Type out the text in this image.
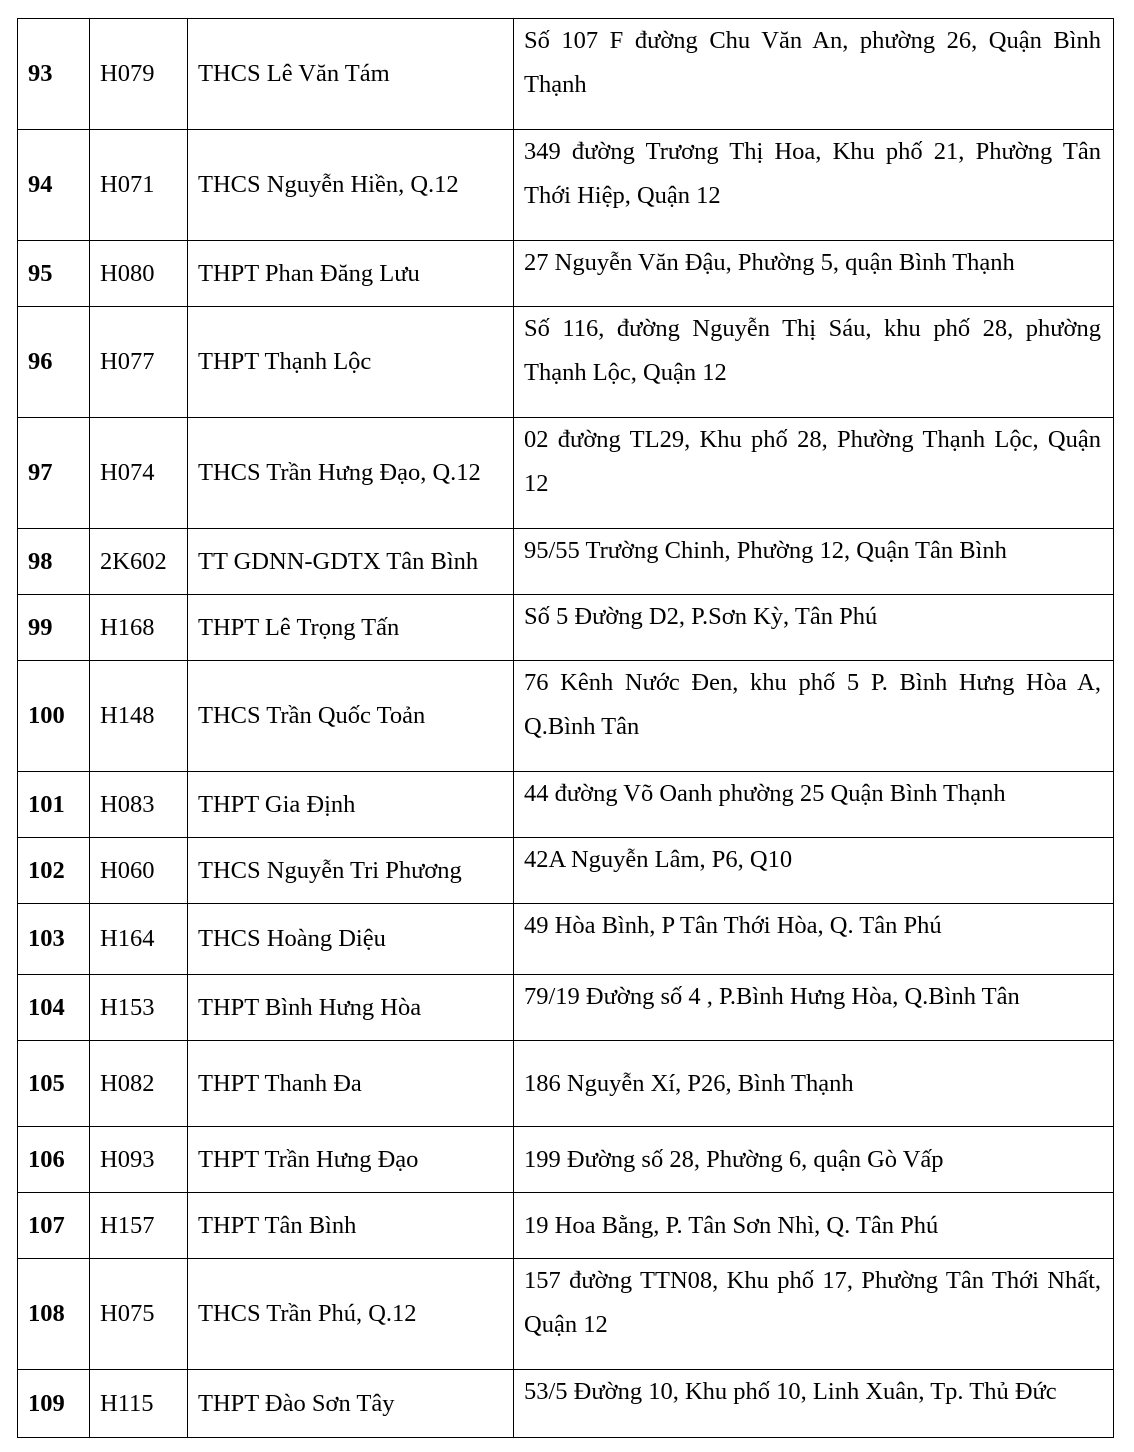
93	H079	THCS Lê Văn Tám	Số 107 F đường Chu Văn An, phường 26, Quận Bình Thạnh
94	H071	THCS Nguyễn Hiền, Q.12	349 đường Trương Thị Hoa, Khu phố 21, Phường Tân Thới Hiệp, Quận 12
95	H080	THPT Phan Đăng Lưu	27 Nguyễn Văn Đậu, Phường 5, quận Bình Thạnh
96	H077	THPT Thạnh Lộc	Số 116, đường Nguyễn Thị Sáu, khu phố 28, phường Thạnh Lộc, Quận 12
97	H074	THCS Trần Hưng Đạo, Q.12	02 đường TL29, Khu phố 28, Phường Thạnh Lộc, Quận 12
98	2K602	TT GDNN-GDTX Tân Bình	95/55 Trường Chinh, Phường 12, Quận Tân Bình
99	H168	THPT Lê Trọng Tấn	Số 5 Đường D2, P.Sơn Kỳ, Tân Phú
100	H148	THCS Trần Quốc Toản	76 Kênh Nước Đen, khu phố 5 P. Bình Hưng Hòa A, Q.Bình Tân
101	H083	THPT Gia Định	44 đường Võ Oanh phường 25 Quận Bình Thạnh
102	H060	THCS Nguyễn Tri Phương	42A Nguyễn Lâm, P6, Q10
103	H164	THCS Hoàng Diệu	49 Hòa Bình, P Tân Thới Hòa, Q. Tân Phú
104	H153	THPT Bình Hưng Hòa	79/19 Đường số 4 , P.Bình Hưng Hòa, Q.Bình Tân
105	H082	THPT Thanh Đa	186 Nguyễn Xí, P26, Bình Thạnh
106	H093	THPT Trần Hưng Đạo	199 Đường số 28, Phường 6, quận Gò Vấp
107	H157	THPT Tân Bình	19 Hoa Bằng, P. Tân Sơn Nhì, Q. Tân Phú
108	H075	THCS Trần Phú, Q.12	157 đường TTN08, Khu phố 17, Phường Tân Thới Nhất, Quận 12
109	H115	THPT Đào Sơn Tây	53/5 Đường 10, Khu phố 10, Linh Xuân, Tp. Thủ Đức
